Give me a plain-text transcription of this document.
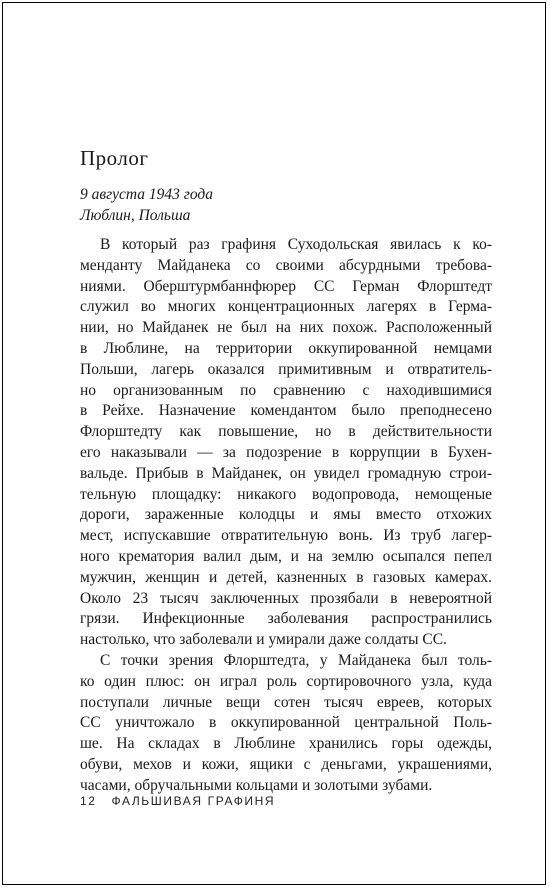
Пролог
9 августа 1943 года
Люблин, Польша
В который раз графиня Суходольская явилась к ко-
менданту Майданека со своими абсурдными требова-
ниями. Оберштурмбаннфюрер СС Герман Флорштедт
служил во многих концентрационных лагерях в Герма-
нии, но Майданек не был на них похож. Расположенный
в Люблине, на территории оккупированной немцами
Польши, лагерь оказался примитивным и отвратитель-
но организованным по сравнению с находившимися
в Рейхе. Назначение комендантом было преподнесено
Флорштедту как повышение, но в действительности
его наказывали — за подозрение в коррупции в Бухен-
вальде. Прибыв в Майданек, он увидел громадную строи-
тельную площадку: никакого водопровода, немощеные
дороги, зараженные колодцы и ямы вместо отхожих
мест, испускавшие отвратительную вонь. Из труб лагер-
ного крематория валил дым, и на землю осыпался пепел
мужчин, женщин и детей, казненных в газовых камерах.
Около 23 тысяч заключенных прозябали в невероятной
грязи. Инфекционные заболевания распространились
настолько, что заболевали и умирали даже солдаты СС.
С точки зрения Флорштедта, у Майданека был толь-
ко один плюс: он играл роль сортировочного узла, куда
поступали личные вещи сотен тысяч евреев, которых
СС уничтожало в оккупированной центральной Поль-
ше. На складах в Люблине хранились горы одежды,
обуви, мехов и кожи, ящики с деньгами, украшениями,
часами, обручальными кольцами и золотыми зубами.
12 ФАЛЬШИВАЯ ГРАФИНЯ
